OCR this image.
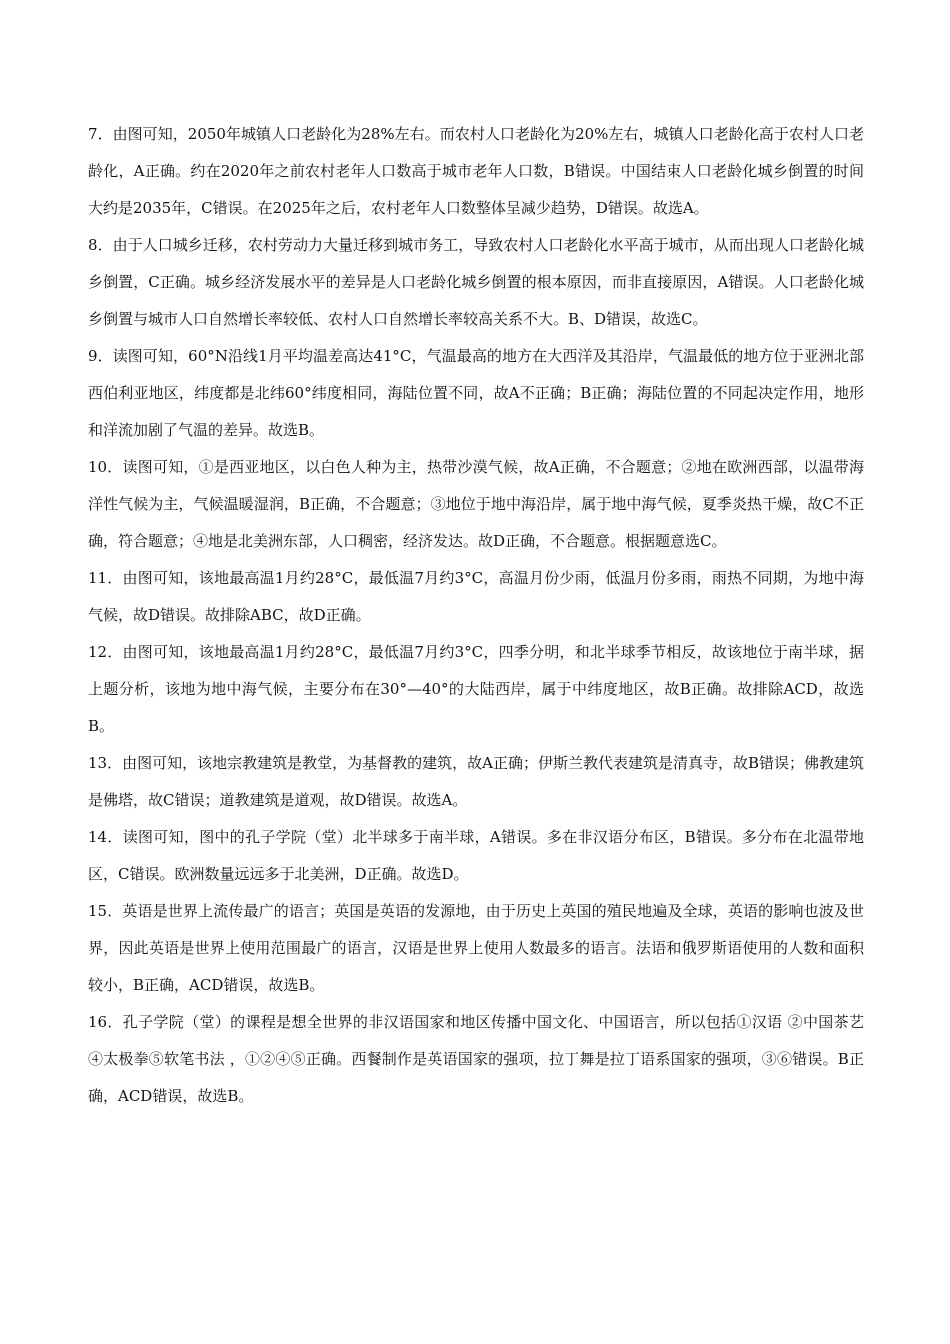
7．由图可知，2050年城镇人口老龄化为28%左右。而农村人口老龄化为20%左右，城镇人口老龄化高于农村人口老龄化，A正确。约在2020年之前农村老年人口数高于城市老年人口数，B错误。中国结束人口老龄化城乡倒置的时间大约是2035年，C错误。在2025年之后，农村老年人口数整体呈减少趋势，D错误。故选A。

8．由于人口城乡迁移，农村劳动力大量迁移到城市务工，导致农村人口老龄化水平高于城市，从而出现人口老龄化城乡倒置，C正确。城乡经济发展水平的差异是人口老龄化城乡倒置的根本原因，而非直接原因，A错误。人口老龄化城乡倒置与城市人口自然增长率较低、农村人口自然增长率较高关系不大。B、D错误，故选C。

9．读图可知，60°N沿线1月平均温差高达41°C，气温最高的地方在大西洋及其沿岸，气温最低的地方位于亚洲北部西伯利亚地区，纬度都是北纬60°纬度相同，海陆位置不同，故A不正确；B正确；海陆位置的不同起决定作用，地形和洋流加剧了气温的差异。故选B。

10．读图可知，①是西亚地区，以白色人种为主，热带沙漠气候，故A正确，不合题意；②地在欧洲西部，以温带海洋性气候为主，气候温暖湿润，B正确，不合题意；③地位于地中海沿岸，属于地中海气候，夏季炎热干燥，故C不正确，符合题意；④地是北美洲东部，人口稠密，经济发达。故D正确，不合题意。根据题意选C。

11．由图可知，该地最高温1月约28°C，最低温7月约3°C，高温月份少雨，低温月份多雨，雨热不同期，为地中海气候，故D错误。故排除ABC，故D正确。

12．由图可知，该地最高温1月约28°C，最低温7月约3°C，四季分明，和北半球季节相反，故该地位于南半球，据上题分析，该地为地中海气候，主要分布在30°—40°的大陆西岸，属于中纬度地区，故B正确。故排除ACD，故选B。

13．由图可知，该地宗教建筑是教堂，为基督教的建筑，故A正确；伊斯兰教代表建筑是清真寺，故B错误；佛教建筑是佛塔，故C错误；道教建筑是道观，故D错误。故选A。

14．读图可知，图中的孔子学院（堂）北半球多于南半球，A错误。多在非汉语分布区，B错误。多分布在北温带地区，C错误。欧洲数量远远多于北美洲，D正确。故选D。

15．英语是世界上流传最广的语言；英国是英语的发源地，由于历史上英国的殖民地遍及全球，英语的影响也波及世界，因此英语是世界上使用范围最广的语言，汉语是世界上使用人数最多的语言。法语和俄罗斯语使用的人数和面积较小，B正确，ACD错误，故选B。

16．孔子学院（堂）的课程是想全世界的非汉语国家和地区传播中国文化、中国语言，所以包括①汉语 ②中国茶艺 ④太极拳⑤软笔书法 ，①②④⑤正确。西餐制作是英语国家的强项，拉丁舞是拉丁语系国家的强项，③⑥错误。B正确，ACD错误，故选B。
